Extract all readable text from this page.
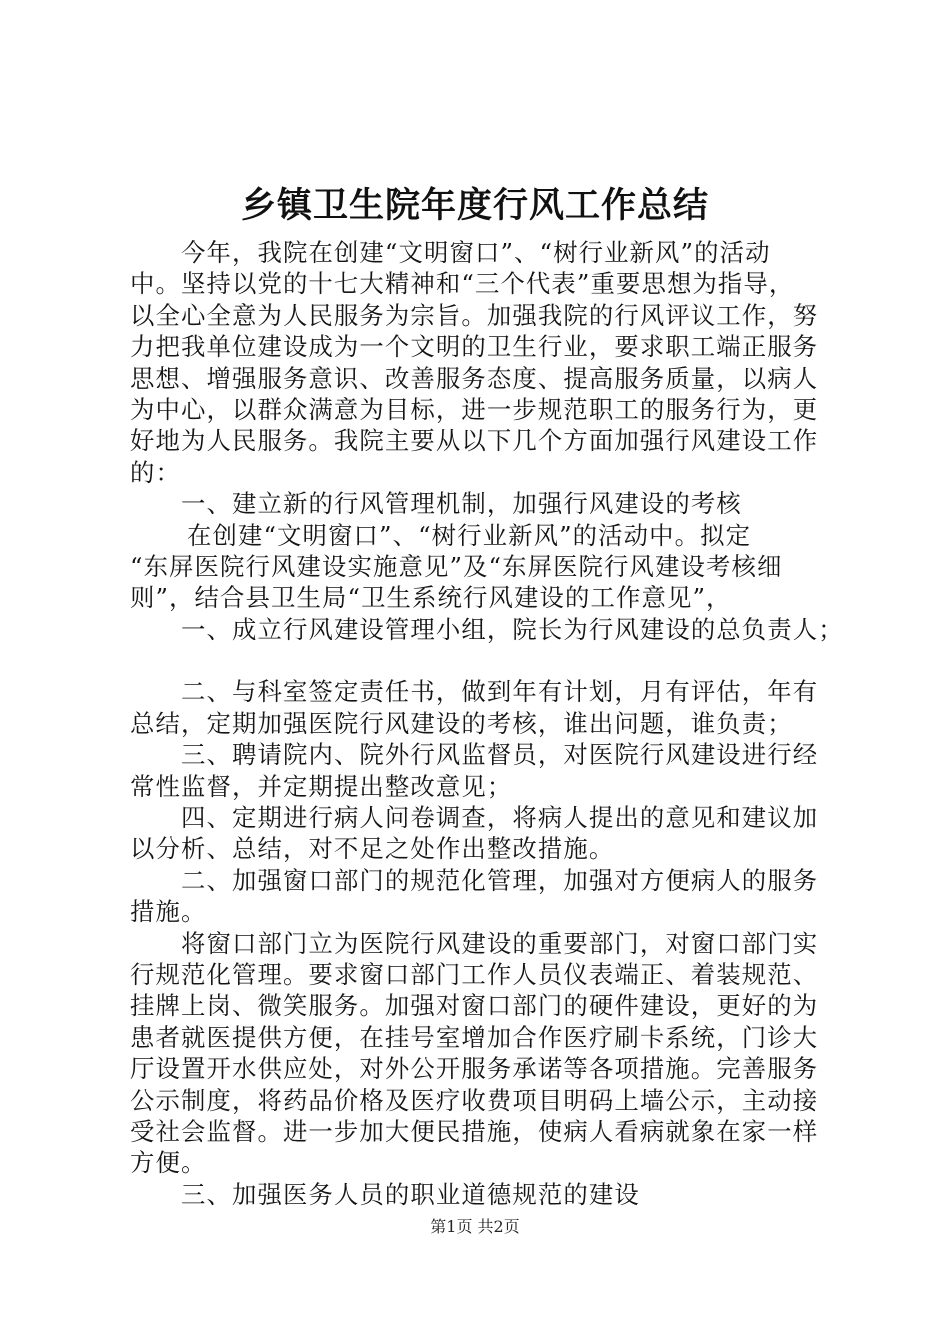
乡镇卫生院年度行风工作总结
今年，我院在创建“文明窗口”、“树行业新风”的活动
中。坚持以党的十七大精神和“三个代表”重要思想为指导，
以全心全意为人民服务为宗旨。加强我院的行风评议工作，努
力把我单位建设成为一个文明的卫生行业，要求职工端正服务
思想、增强服务意识、改善服务态度、提高服务质量，以病人
为中心，以群众满意为目标，进一步规范职工的服务行为，更
好地为人民服务。我院主要从以下几个方面加强行风建设工作
的：
一、建立新的行风管理机制，加强行风建设的考核
在创建“文明窗口”、“树行业新风”的活动中。拟定
“东屏医院行风建设实施意见”及“东屏医院行风建设考核细
则”，结合县卫生局“卫生系统行风建设的工作意见”，
一、成立行风建设管理小组，院长为行风建设的总负责人；
二、与科室签定责任书，做到年有计划，月有评估，年有
总结，定期加强医院行风建设的考核，谁出问题，谁负责；
三、聘请院内、院外行风监督员，对医院行风建设进行经
常性监督，并定期提出整改意见；
四、定期进行病人问卷调查，将病人提出的意见和建议加
以分析、总结，对不足之处作出整改措施。
二、加强窗口部门的规范化管理，加强对方便病人的服务
措施。
将窗口部门立为医院行风建设的重要部门，对窗口部门实
行规范化管理。要求窗口部门工作人员仪表端正、着装规范、
挂牌上岗、微笑服务。加强对窗口部门的硬件建设，更好的为
患者就医提供方便，在挂号室增加合作医疗刷卡系统，门诊大
厅设置开水供应处，对外公开服务承诺等各项措施。完善服务
公示制度，将药品价格及医疗收费项目明码上墙公示，主动接
受社会监督。进一步加大便民措施，使病人看病就象在家一样
方便。
三、加强医务人员的职业道德规范的建设
第1页 共2页
